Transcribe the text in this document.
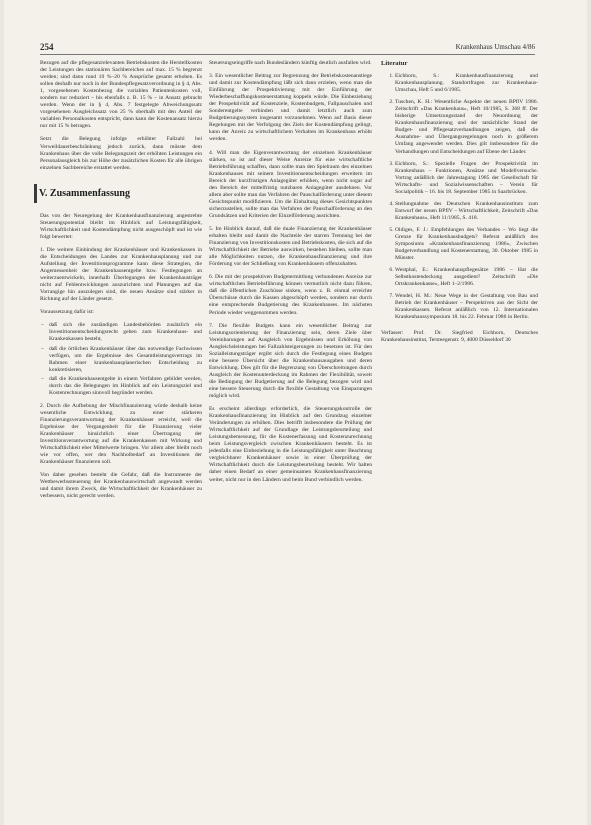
254	Krankenhaus Umschau 4/86

Bezugen auf die pflegesatzrelevanten Betriebskosten die Herstellkosten der Leistungen des stationären Sachbereiches auf max. 15 % begrenzt werden; sind dann rund 10 %–20 % Ansprüche gesamt erhoben. Es sollen deshalb nur noch in der Bundespflegesatzverordnung in § 4, Abs. 1, vorgesehenen Kostenbezug die variablen Patientenkosten voll, sondern nur reduziert – bis ebenfalls z. B. 15 % – in Ansatz gebracht werden. Wenn der in § 4, Abs. 7 festgelegte Abweichungssatz vorgesehenen Ausgleichssatz von 25 % oberhalb mit den Anteil der variablen Personalkosten entspricht, dann kann der Kostenansatz hierzu nur mit 15 % betragen.

Setzt die Belegung infolge erhöhter Fallzahl bei Verweildauerbeschränkung jedoch zurück, dann müsste dem Krankenhaus über die volle Belegungszeit der erhöhten Leistungen ein Personalausgleich bis zur Höhe der zusätzlichen Kosten für alle übrigen einzelnen Sachbereiche erstattet werden.

V. Zusammenfassung

Das von der Neuregelung der Krankenhausfinanzierung angestrebte Steuerungspotential bleibt im Hinblick auf Leistungsfähigkeit, Wirtschaftlichkeit und Kostendämpfung nicht ausgeschöpft und ist wie folgt bewertet:

1. Die weitere Einbindung der Krankenhäuser und Krankenkassen in die Entscheidungen des Landes zur Krankenhausplanung und zur Aufstellung der Investitionsprogramme kann diese Strategien, die Angemessenheit der Krankenhausentgelte bzw. Festlegungen an weiterzuentwickeln, innerhalb Überlegungen der Krankenhausträger nicht auf Fehlentwicklungen auszurichten und Planungen auf das Vorrangige hin auszulegen sind, die neuen Ansätze sind stärker in Richtung auf der Länder gesetzt.

Voraussetzung dafür ist:

– daß sich die zuständigen Landesbehörden zusätzlich ein Investitionsentscheidungsrecht geben zum Krankenhaus- und Krankenkassen besteht,
– daß die örtlichen Krankenhäuser über das notwendige Fachwissen verfügen, um die Ergebnisse des Gesamtleistungsvertrags im Rahmen einer krankenhausplanerischen Entscheidung zu konkretisieren,
– daß die Krankenhausentgelte in einem Verfahren gebildet werden, durch das die Belegungen im Hinblick auf ein Leistungsziel und Kostenrechnungen sinnvoll begründet werden.

2. Durch die Aufhebung der Mischfinanzierung würde deshalb keine wesentliche Entwicklung zu einer stärkeren Finanzierungsverantwortung der Krankenhäuser erreicht, weil die Ergebnisse der Vergangenheit für die Finanzierung vieler Krankenhäuser hinsichtlich einer Übertragung der Investitionsverantwortung auf die Krankenkassen mit Wirkung und Wirtschaftlichkeit eher Mittelwerte bringen. Vor allem aber bleibt noch wie vor offen, wer den Nachholbedarf an Investitionen der Krankenhäuser finanzieren soll.

Von daher gesehen besteht die Gefahr, daß die Instrumente der Wettbewerbssteuerung der Krankenhauswirtschaft angewandt werden und damit ihrem Zweck, die Wirtschaftlichkeit der Krankenhäuser zu verbessern, nicht gerecht werden.

Steuerungseingriffe nach Bundesländern künftig deutlich ausfallen wird.

3. Ein wesentlicher Beitrag zur Begrenzung der Betriebskostenanstiege und damit zur Kostendämpfung läßt sich dann erzielen, wenn man die Einführung der Prospektivierung mit der Einführung der Wiederbeschaffungskostenerstattung koppeln würde. Die Einbeziehung der Prospektivität auf Kostenziele, Kostenbudgets, Fallpauschalen und Sonderentgelte verbinden und damit letztlich auch zum Budgetierungssystem insgesamt vorzunehmen. Wenn auf Basis dieser Regelungen mit der Verfolgung des Ziels der Kostendämpfung gelingt, kann der Anreiz zu wirtschaftlichem Verhalten im Krankenhaus erhöht werden.

4. Will man die Eigenverantwortung der einzelnen Krankenhäuser stärken, so ist auf dieser Weise Anreize für eine wirtschaftliche Betriebsführung schaffen, dann sollte man den Spielraum des einzelnen Krankenhauses mit seinem Investitionsentscheidungen erweitern im Bereich der kurzfristigen Anlagegüter erhöhen, wenn nicht sogar auf den Bereich der mittelfristig nutzbaren Anlagegüter ausdehnen. Vor allem aber sollte man das Verfahren der Pauschalförderung unter diesem Gesichtspunkt modifizieren. Um die Einhaltung dieses Gesichtspunktes sicherzustellen, sollte man das Verfahren der Pauschalförderung an den Grundsätzen und Kriterien der Einzelförderung ausrichten.

5. Im Hinblick darauf, daß die duale Finanzierung der Krankenhäuser erhalten bleibt und damit die Nachteile der starren Trennung bei der Finanzierung von Investitionskosten und Betriebskosten, die sich auf die Wirtschaftlichkeit der Betriebe auswirken, bestehen bleiben, sollte man alle Möglichkeiten nutzen, die Krankenhausfinanzierung und ihre Förderung vor der Schließung von Krankenhäusern offenzuhalten.

6. Die mit der prospektiven Budgetermittlung verbundenen Anreize zur wirtschaftlichen Betriebsführung können vermutlich nicht dazu führen, daß die öffentlichen Zuschüsse sinken, wenn z. B. einmal erreichte Überschüsse durch die Kassen abgeschöpft werden, sondern nur durch eine entsprechende Budgetierung des Krankenhauses. Im nächsten Periode wieder weggenommen werden.

7. Die flexible Budgets kann ein wesentlicher Beitrag zur Leistungsorientierung der Finanzierung sein, deren Ziele über Vereinbarungen auf Ausgleich von Ergebnissen und Erhöhung von Ausgleichsleistungen bei Fallzahlsteigerungen zu besetzen ist. Für den Sozialleistungsträger ergibt sich durch die Festlegung eines Budgets eine bessere Übersicht über die Krankenhausausgaben und deren Entwicklung. Dies gilt für die Begrenzung von Überschreitungen durch Ausgleich der Kostenunterdeckung im Rahmen der Flexibilität, soweit die Bedingung der Budgetierung auf die Belegung bezogen wird und eine bessere Steuerung durch die flexible Gestaltung von Einsparungen möglich wird.

Es erscheint allerdings erforderlich, die Steuerungskontrolle der Krankenhausfinanzierung im Hinblick auf den Grundzug einzelner Veränderungen zu erhöhen. Dies betrifft insbesondere die Prüfung der Wirtschaftlichkeit auf der Grundlage der Leistungsbeurteilung und Leistungsbemessung, für die Kostenerfassung und Kostenzurechnung beim Leistungsvergleich zwischen Krankenhäusern besteht. Es ist jedenfalls eine Einbeziehung in die Leistungsfähigkeit unter Beachtung vergleichbarer Krankenhäuser sowie in einer Überprüfung der Wirtschaftlichkeit durch die Leistungsbeurteilung besteht. Wir halten daher einen Bedarf an einer gemeinsamen Krankenhausfinanzierung weiter, nicht nur in den Ländern und beim Bund verbindlich werden.

Literatur
1. Eichhorn, S.: Krankenhausfinanzierung und Krankenhausplanung. Standortfragen zur Krankenhaus-Umschau, Heft 5 und 6/1985.
2. Tuschen, K. H.: Wesentliche Aspekte der neuen BPflV 1986. Zeitschrift »Das Krankenhaus«, Heft 10/1985, S. 368 ff. Der bisherige Umsetzungsstand der Neuordnung der Krankenhausfinanzierung und der tatsächliche Stand der Budget- und Pflegesatzverhandlungen zeigen, daß die Ausnahme- und Übergangsregelungen noch in größerem Umfang angewendet werden. Dies gilt insbesondere für die Verhandlungen und Entscheidungen auf Ebene der Länder.
3. Eichhorn, S.: Spezielle Fragen der Prospektivität im Krankenhaus – Funktionen, Ansätze und Modellversuche. Vortrag anläßlich der Jahrestagung 1985 der Gesellschaft für Wirtschafts- und Sozialwissenschaften – Verein für Socialpolitik – 16. bis 18. September 1985 in Saarbrücken.
4. Stellungnahme des Deutschen Krankenhausinstituts zum Entwurf der neuen BPflV – Wirtschaftlichkeit, Zeitschrift »Das Krankenhaus«, Heft 11/1985, S. 418.
5. Oldiges, F. J.: Empfehlungen des Verbandes – Wo liegt die Grenze für Krankenhausbudgets? Referat anläßlich des Symposiums »Krankenhausfinanzierung 1986«, Zwischen Budgetverhandlung und Kostenerstattung, 30. Oktober 1985 in Münster.
6. Westphal, E.: Krankenhauspflegesätze 1986 – Hat die Selbstkostendeckung ausgedient? Zeitschrift »Die Ortskrankenkasse«, Heft 1–2/1986.
7. Wendel, H. M.: Neue Wege in der Gestaltung von Bau und Betrieb der Krankenhäuser – Perspektiven aus der Sicht der Krankenkassen. Referat anläßlich von 12. Internationalen Krankenhaussymposium 18. bis 22. Februar 1986 in Berlin.
Verfasser: Prof. Dr. Siegfried Eichhorn, Deutsches Krankenhausinstitut, Tersteegenstr. 9, 4000 Düsseldorf 30
